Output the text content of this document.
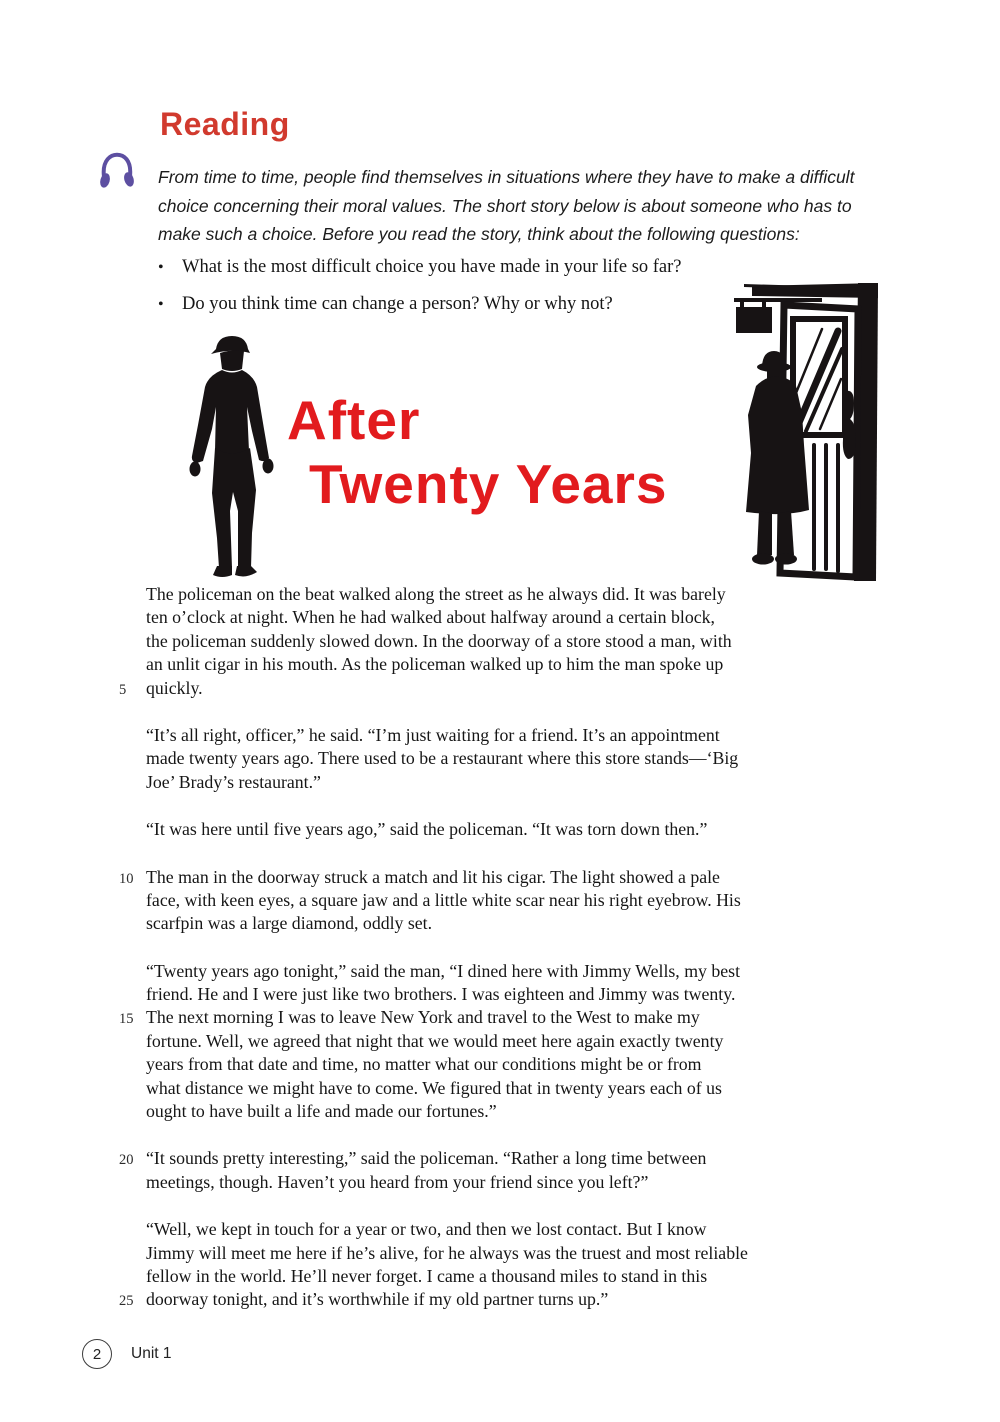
Reading
From time to time, people find themselves in situations where they have to make a difficult
choice concerning their moral values. The short story below is about someone who has to
make such a choice. Before you read the story, think about the following questions:
• What is the most difficult choice you have made in your life so far?
• Do you think time can change a person? Why or why not?
After
Twenty Years
The policeman on the beat walked along the street as he always did. It was barely
ten o’clock at night. When he had walked about halfway around a certain block,
the policeman suddenly slowed down. In the doorway of a store stood a man, with
an unlit cigar in his mouth. As the policeman walked up to him the man spoke up
5	quickly.
“It’s all right, officer,” he said. “I’m just waiting for a friend. It’s an appointment
made twenty years ago. There used to be a restaurant where this store stands—‘Big
Joe’ Brady’s restaurant.”
“It was here until five years ago,” said the policeman. “It was torn down then.”
10 The man in the doorway struck a match and lit his cigar. The light showed a pale
face, with keen eyes, a square jaw and a little white scar near his right eyebrow. His
scarfpin was a large diamond, oddly set.
“Twenty years ago tonight,” said the man, “I dined here with Jimmy Wells, my best
friend. He and I were just like two brothers. I was eighteen and Jimmy was twenty.
15 The next morning I was to leave New York and travel to the West to make my
fortune. Well, we agreed that night that we would meet here again exactly twenty
years from that date and time, no matter what our conditions might be or from
what distance we might have to come. We figured that in twenty years each of us
ought to have built a life and made our fortunes.”
20 “It sounds pretty interesting,” said the policeman. “Rather a long time between
meetings, though. Haven’t you heard from your friend since you left?”
“Well, we kept in touch for a year or two, and then we lost contact. But I know
Jimmy will meet me here if he’s alive, for he always was the truest and most reliable
fellow in the world. He’ll never forget. I came a thousand miles to stand in this
25 doorway tonight, and it’s worthwhile if my old partner turns up.”
2	Unit 1
